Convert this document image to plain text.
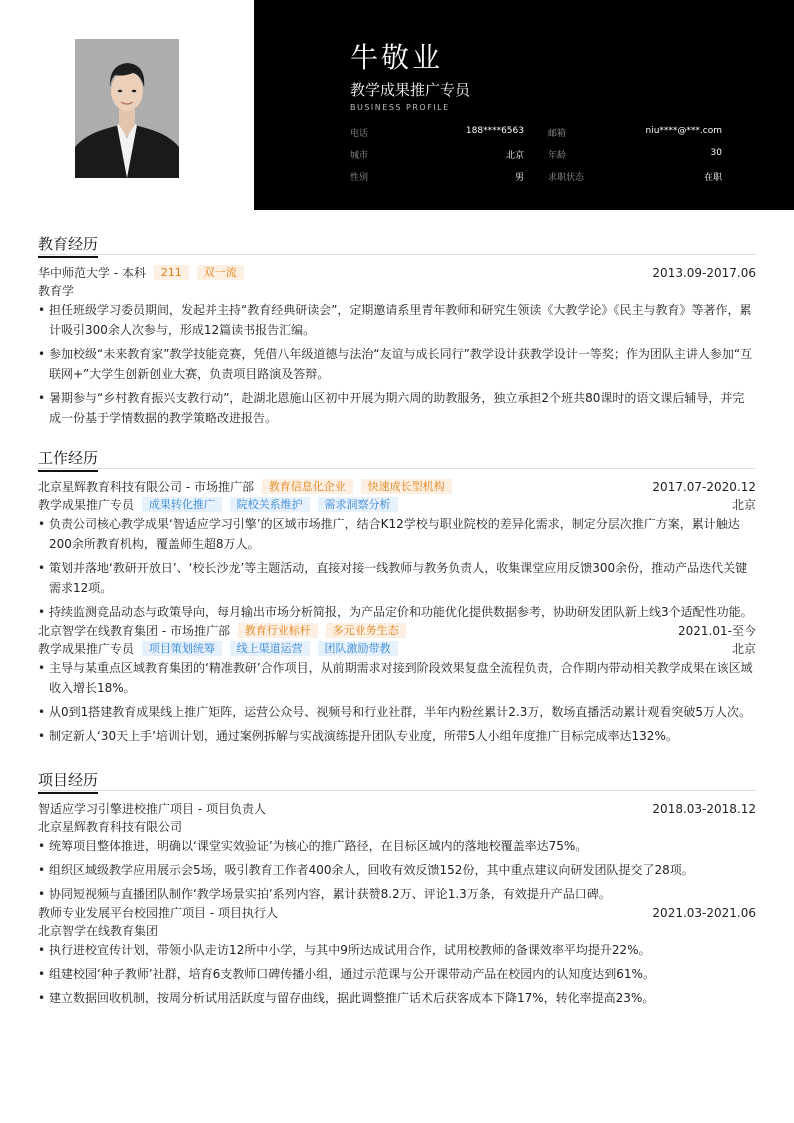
牛敬业
教学成果推广专员
BUSINESS PROFILE
电话	188****6563	邮箱	niu****@***.com
城市	北京	年龄	30
性别	男	求职状态	在职
教育经历
华中师范大学 - 本科 211 双一流	2013.09-2017.06
教育学
• 担任班级学习委员期间，发起并主持“教育经典研读会”，定期邀请系里青年教师和研究生领读《大教学论》《民主与教育》等著作，累计吸引300余人次参与，形成12篇读书报告汇编。
• 参加校级“未来教育家”教学技能竞赛，凭借八年级道德与法治“友谊与成长同行”教学设计获教学设计一等奖；作为团队主讲人参加“互联网+”大学生创新创业大赛，负责项目路演及答辩。
• 暑期参与“乡村教育振兴支教行动”，赴湖北恩施山区初中开展为期六周的助教服务，独立承担2个班共80课时的语文课后辅导，并完成一份基于学情数据的教学策略改进报告。
工作经历
北京星辉教育科技有限公司 - 市场推广部 教育信息化企业 快速成长型机构	2017.07-2020.12
教学成果推广专员 成果转化推广 院校关系维护 需求洞察分析	北京
• 负责公司核心教学成果‘智适应学习引擎’的区域市场推广，结合K12学校与职业院校的差异化需求，制定分层次推广方案，累计触达200余所教育机构，覆盖师生超8万人。
• 策划并落地‘教研开放日’、‘校长沙龙’等主题活动，直接对接一线教师与教务负责人，收集课堂应用反馈300余份，推动产品迭代关键需求12项。
• 持续监测竞品动态与政策导向，每月输出市场分析简报，为产品定价和功能优化提供数据参考，协助研发团队新上线3个适配性功能。
北京智学在线教育集团 - 市场推广部 教育行业标杆 多元业务生态	2021.01-至今
教学成果推广专员 项目策划统筹 线上渠道运营 团队激励带教	北京
• 主导与某重点区域教育集团的‘精准教研’合作项目，从前期需求对接到阶段效果复盘全流程负责，合作期内带动相关教学成果在该区域收入增长18%。
• 从0到1搭建教育成果线上推广矩阵，运营公众号、视频号和行业社群，半年内粉丝累计2.3万，数场直播活动累计观看突破5万人次。
• 制定新人‘30天上手’培训计划，通过案例拆解与实战演练提升团队专业度，所带5人小组年度推广目标完成率达132%。
项目经历
智适应学习引擎进校推广项目 - 项目负责人	2018.03-2018.12
北京星辉教育科技有限公司
• 统筹项目整体推进，明确以‘课堂实效验证’为核心的推广路径，在目标区域内的落地校覆盖率达75%。
• 组织区域级教学应用展示会5场，吸引教育工作者400余人，回收有效反馈152份，其中重点建议向研发团队提交了28项。
• 协同短视频与直播团队制作‘教学场景实拍’系列内容，累计获赞8.2万、评论1.3万条，有效提升产品口碑。
教师专业发展平台校园推广项目 - 项目执行人	2021.03-2021.06
北京智学在线教育集团
• 执行进校宣传计划，带领小队走访12所中小学，与其中9所达成试用合作，试用校教师的备课效率平均提升22%。
• 组建校园‘种子教师’社群，培育6支教师口碑传播小组，通过示范课与公开课带动产品在校园内的认知度达到61%。
• 建立数据回收机制，按周分析试用活跃度与留存曲线，据此调整推广话术后获客成本下降17%，转化率提高23%。
